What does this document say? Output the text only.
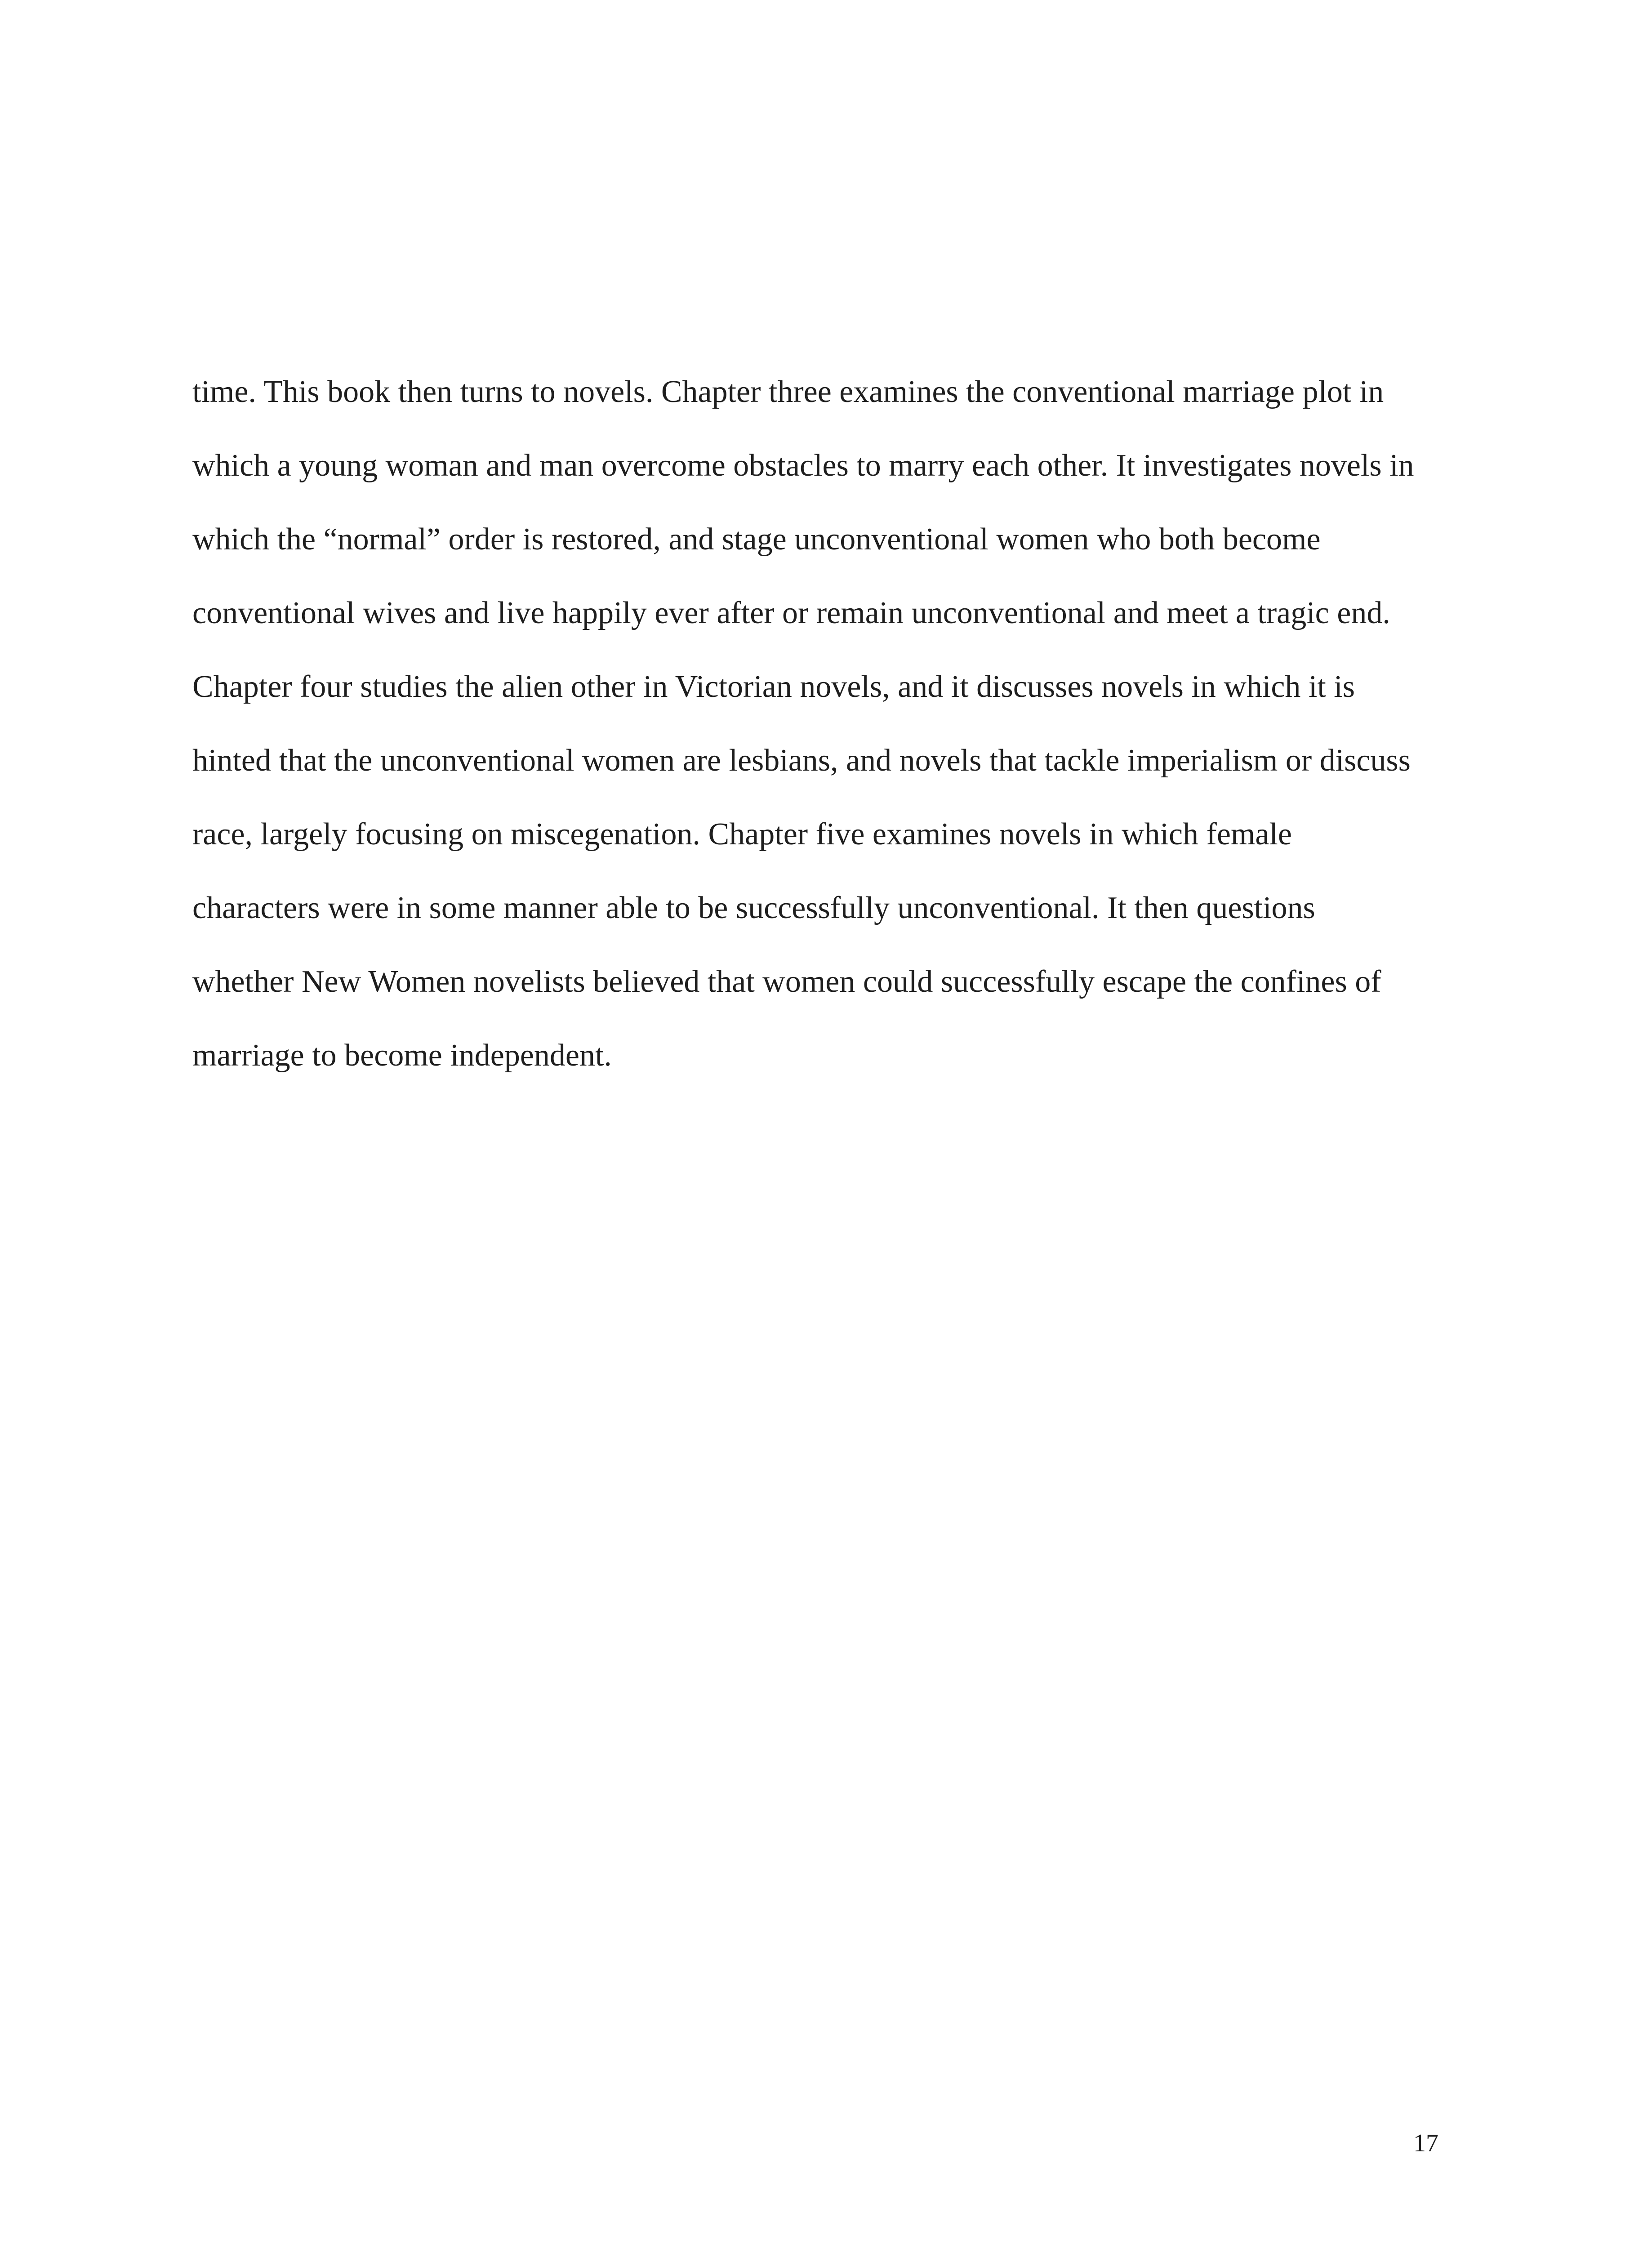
time. This book then turns to novels. Chapter three examines the conventional marriage plot in
which a young woman and man overcome obstacles to marry each other. It investigates novels in
which the “normal” order is restored, and stage unconventional women who both become
conventional wives and live happily ever after or remain unconventional and meet a tragic end.
Chapter four studies the alien other in Victorian novels, and it discusses novels in which it is
hinted that the unconventional women are lesbians, and novels that tackle imperialism or discuss
race, largely focusing on miscegenation. Chapter five examines novels in which female
characters were in some manner able to be successfully unconventional. It then questions
whether New Women novelists believed that women could successfully escape the confines of
marriage to become independent.
17
